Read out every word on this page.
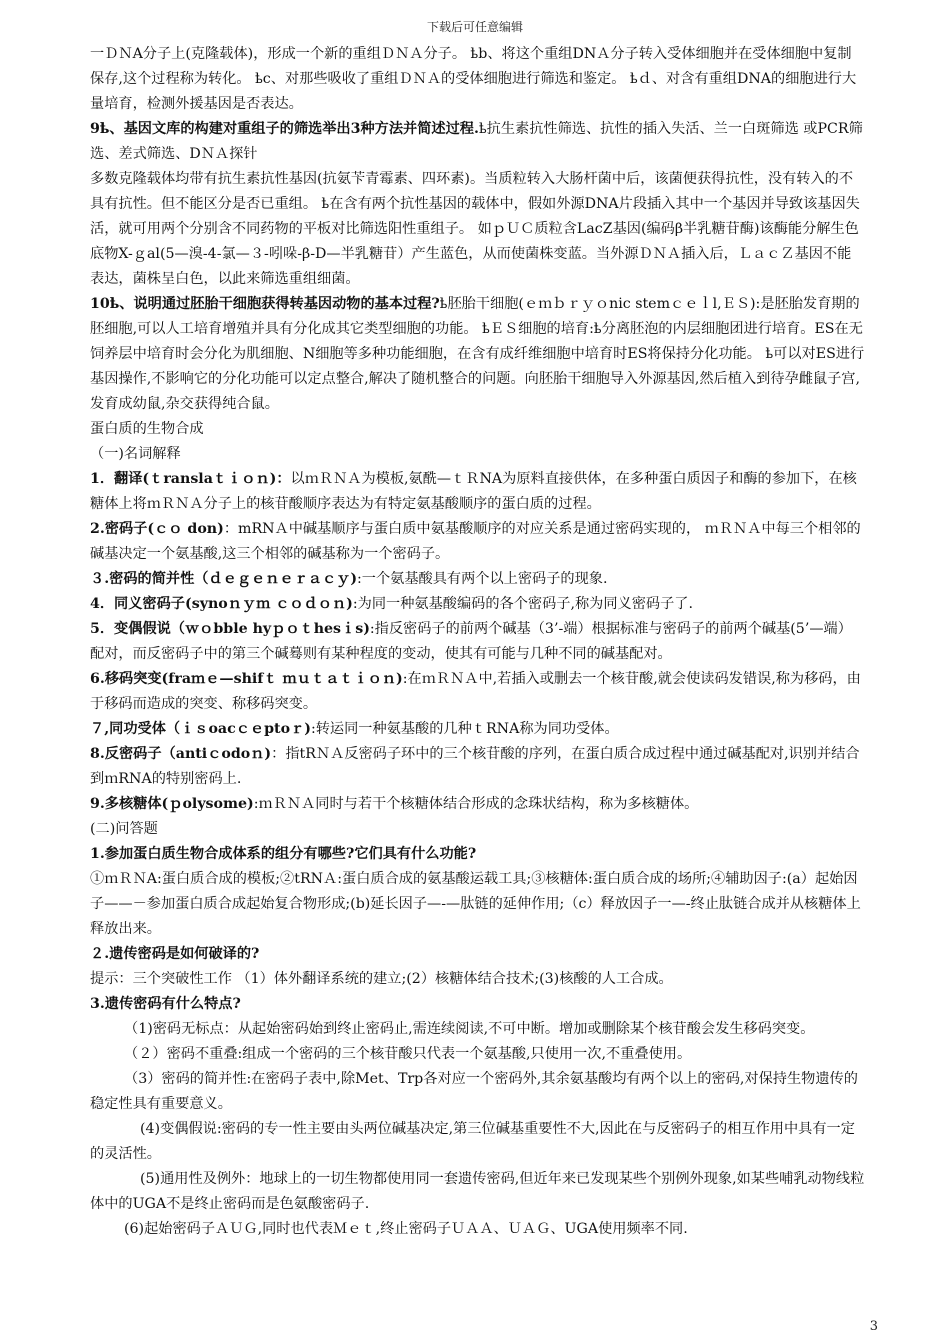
下载后可任意编辑

一ＤＮA分子上(克隆载体)，形成一个新的重组ＤＮＡ分子。 ҍb、将这个重组DNＡ分子转入受体细胞并在受体细胞中复制保存,这个过程称为转化。 ҍc、对那些吸收了重组ＤＮＡ的受体细胞进行筛选和鉴定。 ҍｄ、对含有重组DNA的细胞进行大量培育，检测外援基因是否表达。

9ҍ、基因文库的构建对重组子的筛选举出3种方法并简述过程.ҍ抗生素抗性筛选、抗性的插入失活、兰一白斑筛选 或PCR筛选、差式筛选、DＮＡ探针

多数克隆载体均带有抗生素抗性基因(抗氨苄青霉素、四环素)。当质粒转入大肠杆菌中后，该菌便获得抗性，没有转入的不具有抗性。但不能区分是否已重组。 ҍ在含有两个抗性基因的载体中，假如外源DNA片段插入其中一个基因并导致该基因失活，就可用两个分别含不同药物的平板对比筛选阳性重组子。 如ｐＵＣ质粒含LacZ基因(编码β半乳糖苷酶)该酶能分解生色底物X-ｇal(5—溴-4-氯—３-吲哚-β-D—半乳糖苷）产生蓝色，从而使菌株变蓝。当外源ＤＮＡ插入后，ＬａｃＺ基因不能表达，菌株呈白色，以此来筛选重组细菌。

10ҍ、说明通过胚胎干细胞获得转基因动物的基本过程?ҍ胚胎干细胞(ｅｍｂｒｙｏnic stemｃｅｌl,ＥＳ):是胚胎发育期的胚细胞,可以人工培育增殖并具有分化成其它类型细胞的功能。 ҍＥＳ细胞的培育:ҍ分离胚泡的内层细胞团进行培育。ES在无饲养层中培育时会分化为肌细胞、N细胞等多种功能细胞，在含有成纤维细胞中培育时ES将保持分化功能。 ҍ可以对ES进行基因操作,不影响它的分化功能可以定点整合,解决了随机整合的问题。向胚胎干细胞导入外源基因,然后植入到待孕雌鼠子宫,发育成幼鼠,杂交获得纯合鼠。

蛋白质的生物合成

（一)名词解释

1．翻译(ｔranslaｔｉｏｎ)：以ｍＲＮＡ为模板,氨酰—ｔＲNA为原料直接供体，在多种蛋白质因子和酶的参加下，在核糖体上将ｍＲＮＡ分子上的核苷酸顺序表达为有特定氨基酸顺序的蛋白质的过程。

2.密码子(ｃｏ don)：mRNＡ中碱基顺序与蛋白质中氨基酸顺序的对应关系是通过密码实现的， ｍＲＮＡ中每三个相邻的碱基决定一个氨基酸,这三个相邻的碱基称为一个密码子。

３.密码的简并性（ｄｅｇｅｎｅｒａｃｙ):一个氨基酸具有两个以上密码子的现象.

4．同义密码子(synoｎｙｍ ｃｏｄｏｎ):为同一种氨基酸编码的各个密码子,称为同义密码子了.

5．变偶假说（ｗｏbble hyｐｏｔhesｉs):指反密码子的前两个碱基（3’-端）根据标准与密码子的前两个碱基(5’—端）配对，而反密码子中的第三个碱蓦则有某种程度的变动，使其有可能与几种不同的碱基配对。

6.移码突变(fraｍｅ—shifｔ ｍｕｔａｔｉｏｎ):在ｍＲＮＡ中,若插入或删去一个核苷酸,就会使读码发错误,称为移码，由于移码而造成的突变、称移码突变。

７,同功受体（ｉｓoacｃｅptoｒ):转运同一种氨基酸的几种ｔRNA称为同功受体。

8.反密码子（antiｃodoｎ)：指tRＮＡ反密码子环中的三个核苷酸的序列，在蛋白质合成过程中通过碱基配对,识别并结合到ｍRNA的特别密码上.

9.多核糖体(ｐolysome):ｍＲＮＡ同时与若干个核糖体结合形成的念珠状结构，称为多核糖体。

(二)问答题

1.参加蛋白质生物合成体系的组分有哪些?它们具有什么功能?

①ｍＲＮA:蛋白质合成的模板;②tRNＡ:蛋白质合成的氨基酸运载工具;③核糖体:蛋白质合成的场所;④辅助因子:(a）起始因子——－参加蛋白质合成起始复合物形成;(b)延长因子—-—肽链的延伸作用;（c）释放因子一—-终止肽链合成并从核糖体上释放出来。

２.遗传密码是如何破译的?

提示：三个突破性工作 （1）体外翻译系统的建立;(2）核糖体结合技术;(3)核酸的人工合成。

3.遗传密码有什么特点?

（1)密码无标点：从起始密码始到终止密码止,需连续阅读,不可中断。增加或删除某个核苷酸会发生移码突变。

（２）密码不重叠:组成一个密码的三个核苷酸只代表一个氨基酸,只使用一次,不重叠使用。

（3）密码的简并性:在密码子表中,除Met、Trp各对应一个密码外,其余氨基酸均有两个以上的密码,对保持生物遗传的稳定性具有重要意义。

(4)变偶假说:密码的专一性主要由头两位碱基决定,第三位碱基重要性不大,因此在与反密码子的相互作用中具有一定的灵活性。

(5)通用性及例外：地球上的一切生物都使用同一套遗传密码,但近年来已发现某些个别例外现象,如某些哺乳动物线粒体中的UGA不是终止密码而是色氨酸密码子.

(6)起始密码子ＡＵＧ,同时也代表Ｍｅｔ,终止密码子ＵＡＡ、ＵＡＧ、UGA使用频率不同.

3
